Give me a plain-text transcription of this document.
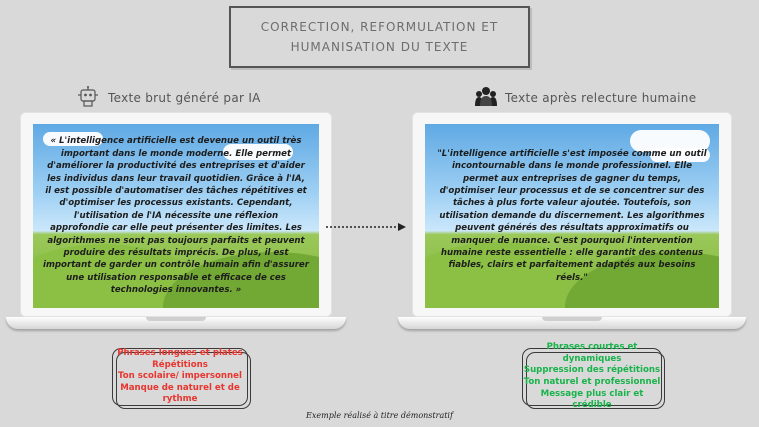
CORRECTION, REFORMULATION ET
HUMANISATION DU TEXTE
Texte brut généré par IA	Texte après relecture humaine
« L'intelligence artificielle est devenue un outil très important dans le monde moderne. Elle permet d'améliorer la productivité des entreprises et d'aider les individus dans leur travail quotidien. Grâce à l'IA, il est possible d'automatiser des tâches répétitives et d'optimiser les processus existants. Cependant, l'utilisation de l'IA nécessite une réflexion approfondie car elle peut présenter des limites. Les algorithmes ne sont pas toujours parfaits et peuvent produire des résultats imprécis. De plus, il est important de garder un contrôle humain afin d'assurer une utilisation responsable et efficace de ces technologies innovantes. »
"L'intelligence artificielle s'est imposée comme un outil incontournable dans le monde professionnel. Elle permet aux entreprises de gagner du temps, d'optimiser leur processus et de se concentrer sur des tâches à plus forte valeur ajoutée. Toutefois, son utilisation demande du discernement. Les algorithmes peuvent générés des résultats approximatifs ou manquer de nuance. C'est pourquoi l'intervention humaine reste essentielle : elle garantit des contenus fiables, clairs et parfaitement adaptés aux besoins réels."
Phrases longues et plates
Répétitions
Ton scolaire/ impersonnel
Manque de naturel et de rythme
Phrases courtes et dynamiques
Suppression des répétitions
Ton naturel et professionnel
Message plus clair et crédible
Exemple réalisé à titre démonstratif
